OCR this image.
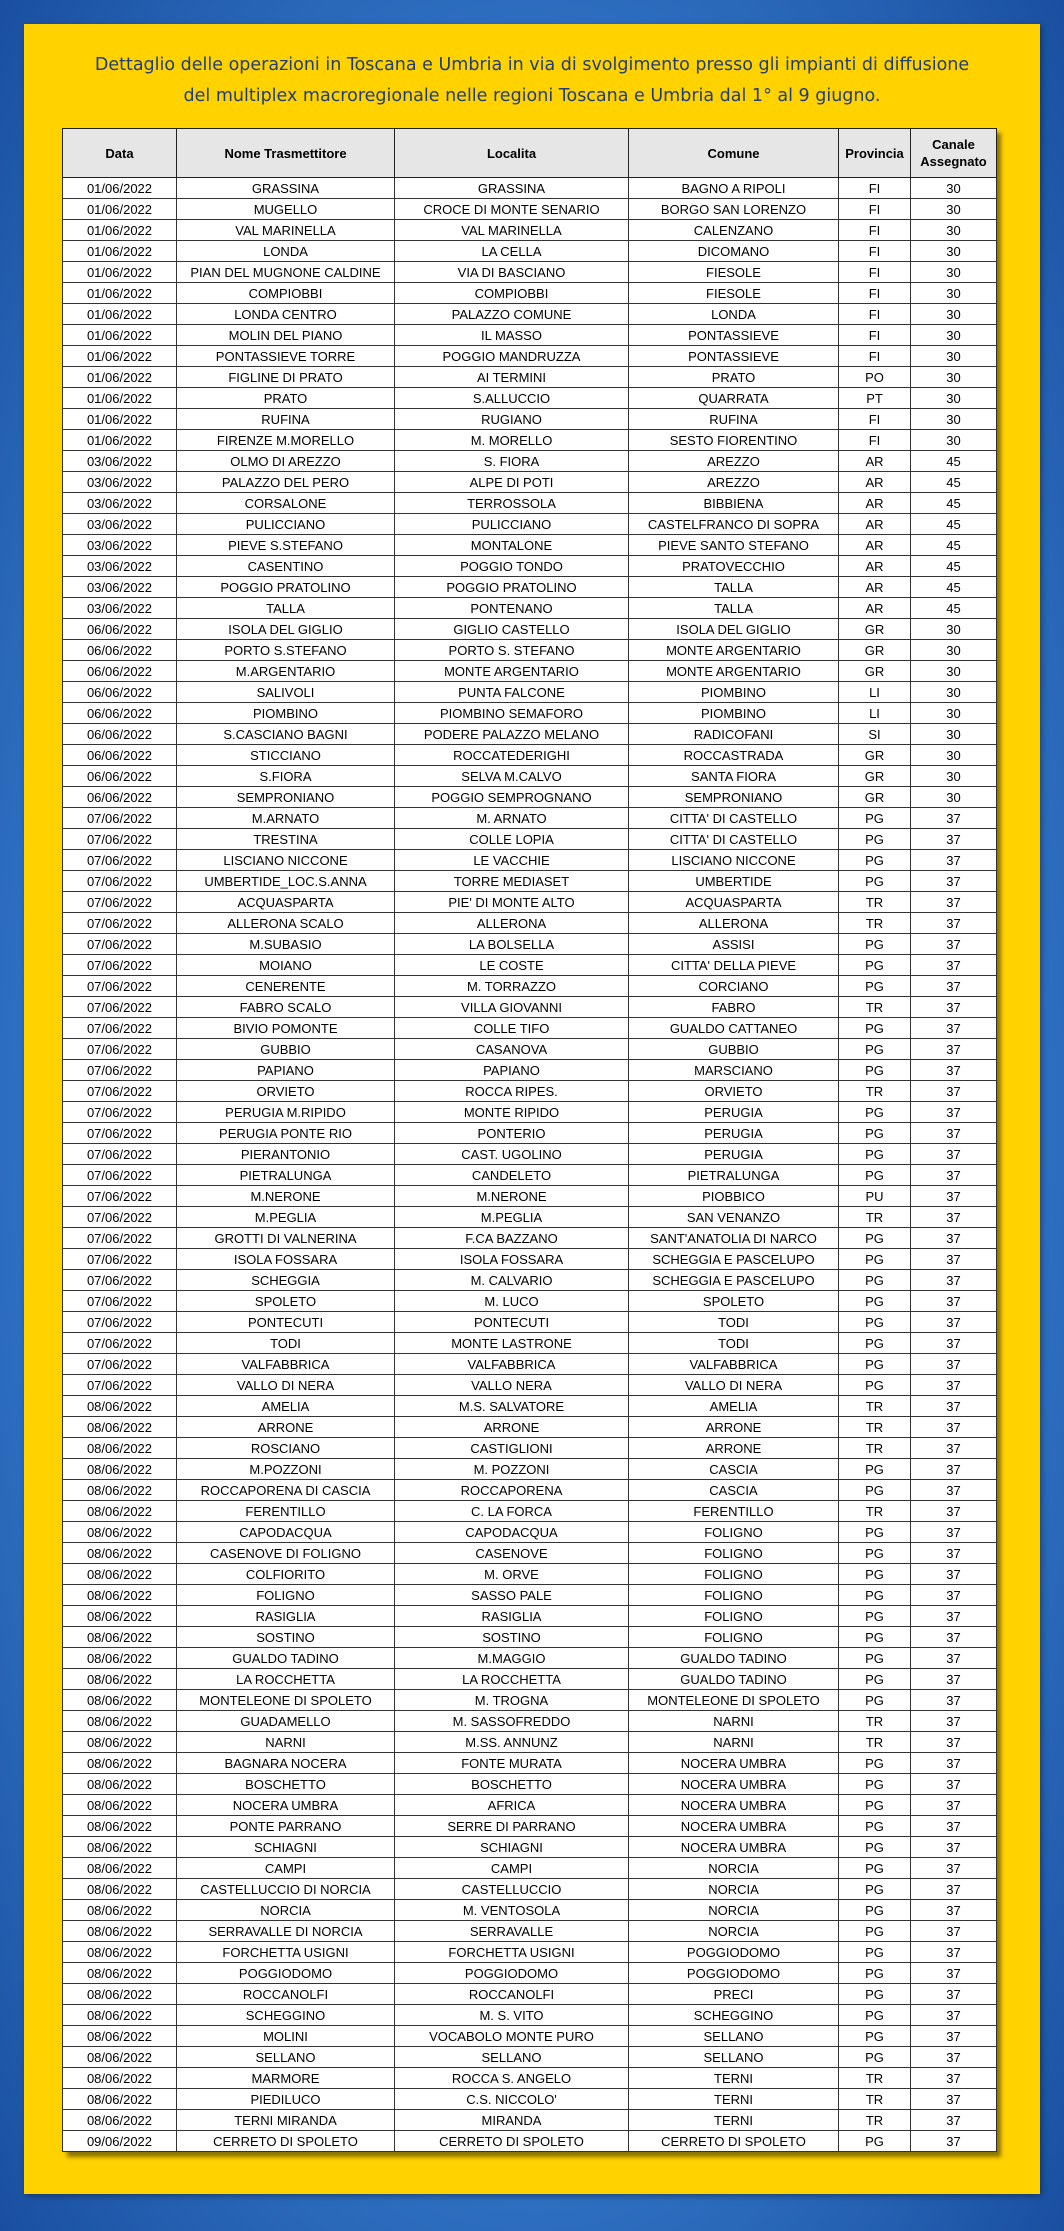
Dettaglio delle operazioni in Toscana e Umbria in via di svolgimento presso gli impianti di diffusione
del multiplex macroregionale nelle regioni Toscana e Umbria dal 1° al 9 giugno.
Data	Nome Trasmettitore	Localita	Comune	Provincia	Canale
Assegnato
01/06/2022	GRASSINA	GRASSINA	BAGNO A RIPOLI	FI	30
01/06/2022	MUGELLO	CROCE DI MONTE SENARIO	BORGO SAN LORENZO	FI	30
01/06/2022	VAL MARINELLA	VAL MARINELLA	CALENZANO	FI	30
01/06/2022	LONDA	LA CELLA	DICOMANO	FI	30
01/06/2022	PIAN DEL MUGNONE CALDINE	VIA DI BASCIANO	FIESOLE	FI	30
01/06/2022	COMPIOBBI	COMPIOBBI	FIESOLE	FI	30
01/06/2022	LONDA CENTRO	PALAZZO COMUNE	LONDA	FI	30
01/06/2022	MOLIN DEL PIANO	IL MASSO	PONTASSIEVE	FI	30
01/06/2022	PONTASSIEVE TORRE	POGGIO MANDRUZZA	PONTASSIEVE	FI	30
01/06/2022	FIGLINE DI PRATO	AI TERMINI	PRATO	PO	30
01/06/2022	PRATO	S.ALLUCCIO	QUARRATA	PT	30
01/06/2022	RUFINA	RUGIANO	RUFINA	FI	30
01/06/2022	FIRENZE M.MORELLO	M. MORELLO	SESTO FIORENTINO	FI	30
03/06/2022	OLMO DI AREZZO	S. FIORA	AREZZO	AR	45
03/06/2022	PALAZZO DEL PERO	ALPE DI POTI	AREZZO	AR	45
03/06/2022	CORSALONE	TERROSSOLA	BIBBIENA	AR	45
03/06/2022	PULICCIANO	PULICCIANO	CASTELFRANCO DI SOPRA	AR	45
03/06/2022	PIEVE S.STEFANO	MONTALONE	PIEVE SANTO STEFANO	AR	45
03/06/2022	CASENTINO	POGGIO TONDO	PRATOVECCHIO	AR	45
03/06/2022	POGGIO PRATOLINO	POGGIO PRATOLINO	TALLA	AR	45
03/06/2022	TALLA	PONTENANO	TALLA	AR	45
06/06/2022	ISOLA DEL GIGLIO	GIGLIO CASTELLO	ISOLA DEL GIGLIO	GR	30
06/06/2022	PORTO S.STEFANO	PORTO S. STEFANO	MONTE ARGENTARIO	GR	30
06/06/2022	M.ARGENTARIO	MONTE ARGENTARIO	MONTE ARGENTARIO	GR	30
06/06/2022	SALIVOLI	PUNTA FALCONE	PIOMBINO	LI	30
06/06/2022	PIOMBINO	PIOMBINO SEMAFORO	PIOMBINO	LI	30
06/06/2022	S.CASCIANO BAGNI	PODERE PALAZZO MELANO	RADICOFANI	SI	30
06/06/2022	STICCIANO	ROCCATEDERIGHI	ROCCASTRADA	GR	30
06/06/2022	S.FIORA	SELVA M.CALVO	SANTA FIORA	GR	30
06/06/2022	SEMPRONIANO	POGGIO SEMPROGNANO	SEMPRONIANO	GR	30
07/06/2022	M.ARNATO	M. ARNATO	CITTA' DI CASTELLO	PG	37
07/06/2022	TRESTINA	COLLE LOPIA	CITTA' DI CASTELLO	PG	37
07/06/2022	LISCIANO NICCONE	LE VACCHIE	LISCIANO NICCONE	PG	37
07/06/2022	UMBERTIDE_LOC.S.ANNA	TORRE MEDIASET	UMBERTIDE	PG	37
07/06/2022	ACQUASPARTA	PIE' DI MONTE ALTO	ACQUASPARTA	TR	37
07/06/2022	ALLERONA SCALO	ALLERONA	ALLERONA	TR	37
07/06/2022	M.SUBASIO	LA BOLSELLA	ASSISI	PG	37
07/06/2022	MOIANO	LE COSTE	CITTA' DELLA PIEVE	PG	37
07/06/2022	CENERENTE	M. TORRAZZO	CORCIANO	PG	37
07/06/2022	FABRO SCALO	VILLA GIOVANNI	FABRO	TR	37
07/06/2022	BIVIO POMONTE	COLLE TIFO	GUALDO CATTANEO	PG	37
07/06/2022	GUBBIO	CASANOVA	GUBBIO	PG	37
07/06/2022	PAPIANO	PAPIANO	MARSCIANO	PG	37
07/06/2022	ORVIETO	ROCCA RIPES.	ORVIETO	TR	37
07/06/2022	PERUGIA M.RIPIDO	MONTE RIPIDO	PERUGIA	PG	37
07/06/2022	PERUGIA PONTE RIO	PONTERIO	PERUGIA	PG	37
07/06/2022	PIERANTONIO	CAST. UGOLINO	PERUGIA	PG	37
07/06/2022	PIETRALUNGA	CANDELETO	PIETRALUNGA	PG	37
07/06/2022	M.NERONE	M.NERONE	PIOBBICO	PU	37
07/06/2022	M.PEGLIA	M.PEGLIA	SAN VENANZO	TR	37
07/06/2022	GROTTI DI VALNERINA	F.CA BAZZANO	SANT'ANATOLIA DI NARCO	PG	37
07/06/2022	ISOLA FOSSARA	ISOLA FOSSARA	SCHEGGIA E PASCELUPO	PG	37
07/06/2022	SCHEGGIA	M. CALVARIO	SCHEGGIA E PASCELUPO	PG	37
07/06/2022	SPOLETO	M. LUCO	SPOLETO	PG	37
07/06/2022	PONTECUTI	PONTECUTI	TODI	PG	37
07/06/2022	TODI	MONTE LASTRONE	TODI	PG	37
07/06/2022	VALFABBRICA	VALFABBRICA	VALFABBRICA	PG	37
07/06/2022	VALLO DI NERA	VALLO NERA	VALLO DI NERA	PG	37
08/06/2022	AMELIA	M.S. SALVATORE	AMELIA	TR	37
08/06/2022	ARRONE	ARRONE	ARRONE	TR	37
08/06/2022	ROSCIANO	CASTIGLIONI	ARRONE	TR	37
08/06/2022	M.POZZONI	M. POZZONI	CASCIA	PG	37
08/06/2022	ROCCAPORENA DI CASCIA	ROCCAPORENA	CASCIA	PG	37
08/06/2022	FERENTILLO	C. LA FORCA	FERENTILLO	TR	37
08/06/2022	CAPODACQUA	CAPODACQUA	FOLIGNO	PG	37
08/06/2022	CASENOVE DI FOLIGNO	CASENOVE	FOLIGNO	PG	37
08/06/2022	COLFIORITO	M. ORVE	FOLIGNO	PG	37
08/06/2022	FOLIGNO	SASSO PALE	FOLIGNO	PG	37
08/06/2022	RASIGLIA	RASIGLIA	FOLIGNO	PG	37
08/06/2022	SOSTINO	SOSTINO	FOLIGNO	PG	37
08/06/2022	GUALDO TADINO	M.MAGGIO	GUALDO TADINO	PG	37
08/06/2022	LA ROCCHETTA	LA ROCCHETTA	GUALDO TADINO	PG	37
08/06/2022	MONTELEONE DI SPOLETO	M. TROGNA	MONTELEONE DI SPOLETO	PG	37
08/06/2022	GUADAMELLO	M. SASSOFREDDO	NARNI	TR	37
08/06/2022	NARNI	M.SS. ANNUNZ	NARNI	TR	37
08/06/2022	BAGNARA NOCERA	FONTE MURATA	NOCERA UMBRA	PG	37
08/06/2022	BOSCHETTO	BOSCHETTO	NOCERA UMBRA	PG	37
08/06/2022	NOCERA UMBRA	AFRICA	NOCERA UMBRA	PG	37
08/06/2022	PONTE PARRANO	SERRE DI PARRANO	NOCERA UMBRA	PG	37
08/06/2022	SCHIAGNI	SCHIAGNI	NOCERA UMBRA	PG	37
08/06/2022	CAMPI	CAMPI	NORCIA	PG	37
08/06/2022	CASTELLUCCIO DI NORCIA	CASTELLUCCIO	NORCIA	PG	37
08/06/2022	NORCIA	M. VENTOSOLA	NORCIA	PG	37
08/06/2022	SERRAVALLE DI NORCIA	SERRAVALLE	NORCIA	PG	37
08/06/2022	FORCHETTA USIGNI	FORCHETTA USIGNI	POGGIODOMO	PG	37
08/06/2022	POGGIODOMO	POGGIODOMO	POGGIODOMO	PG	37
08/06/2022	ROCCANOLFI	ROCCANOLFI	PRECI	PG	37
08/06/2022	SCHEGGINO	M. S. VITO	SCHEGGINO	PG	37
08/06/2022	MOLINI	VOCABOLO MONTE PURO	SELLANO	PG	37
08/06/2022	SELLANO	SELLANO	SELLANO	PG	37
08/06/2022	MARMORE	ROCCA S. ANGELO	TERNI	TR	37
08/06/2022	PIEDILUCO	C.S. NICCOLO'	TERNI	TR	37
08/06/2022	TERNI MIRANDA	MIRANDA	TERNI	TR	37
09/06/2022	CERRETO DI SPOLETO	CERRETO DI SPOLETO	CERRETO DI SPOLETO	PG	37
